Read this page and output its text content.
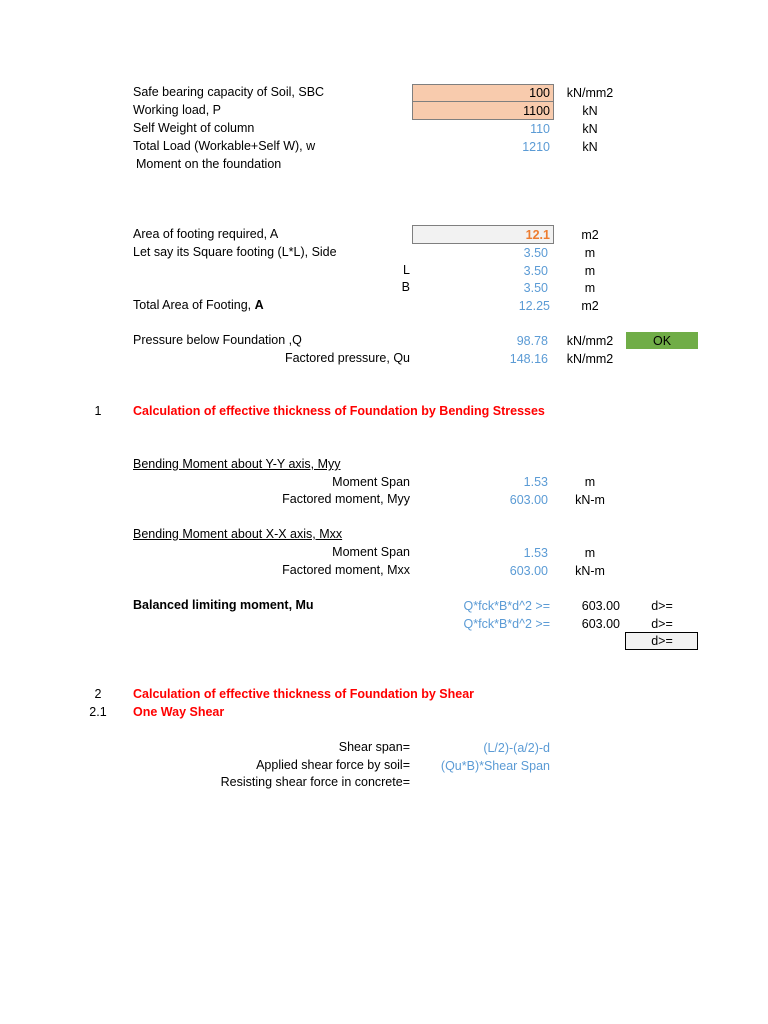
Safe bearing capacity of Soil, SBC	100	kN/mm2
Working load, P	1100	kN
Self Weight of column	110	kN
Total Load (Workable+Self W), w	1210	kN
Moment on the foundation
Area of footing required, A	12.1	m2
Let say its Square footing (L*L), Side	3.50	m
L	3.50	m
B	3.50	m
Total Area of Footing, A	12.25	m2
Pressure below Foundation ,Q	98.78	kN/mm2	OK
Factored pressure, Qu	148.16	kN/mm2
1	Calculation of effective thickness of Foundation by Bending Stresses
Bending Moment about Y-Y axis, Myy
Moment Span	1.53	m
Factored moment, Myy	603.00	kN-m
Bending Moment about X-X axis, Mxx
Moment Span	1.53	m
Factored moment, Mxx	603.00	kN-m
Balanced limiting moment, Mu	Q*fck*B*d^2 >=	603.00	d>=
Q*fck*B*d^2 >=	603.00	d>=
d>=
2	Calculation of effective thickness of Foundation by Shear
2.1	One Way Shear
Shear span=	(L/2)-(a/2)-d
Applied shear force by soil=	(Qu*B)*Shear Span
Resisting shear force in concrete=
